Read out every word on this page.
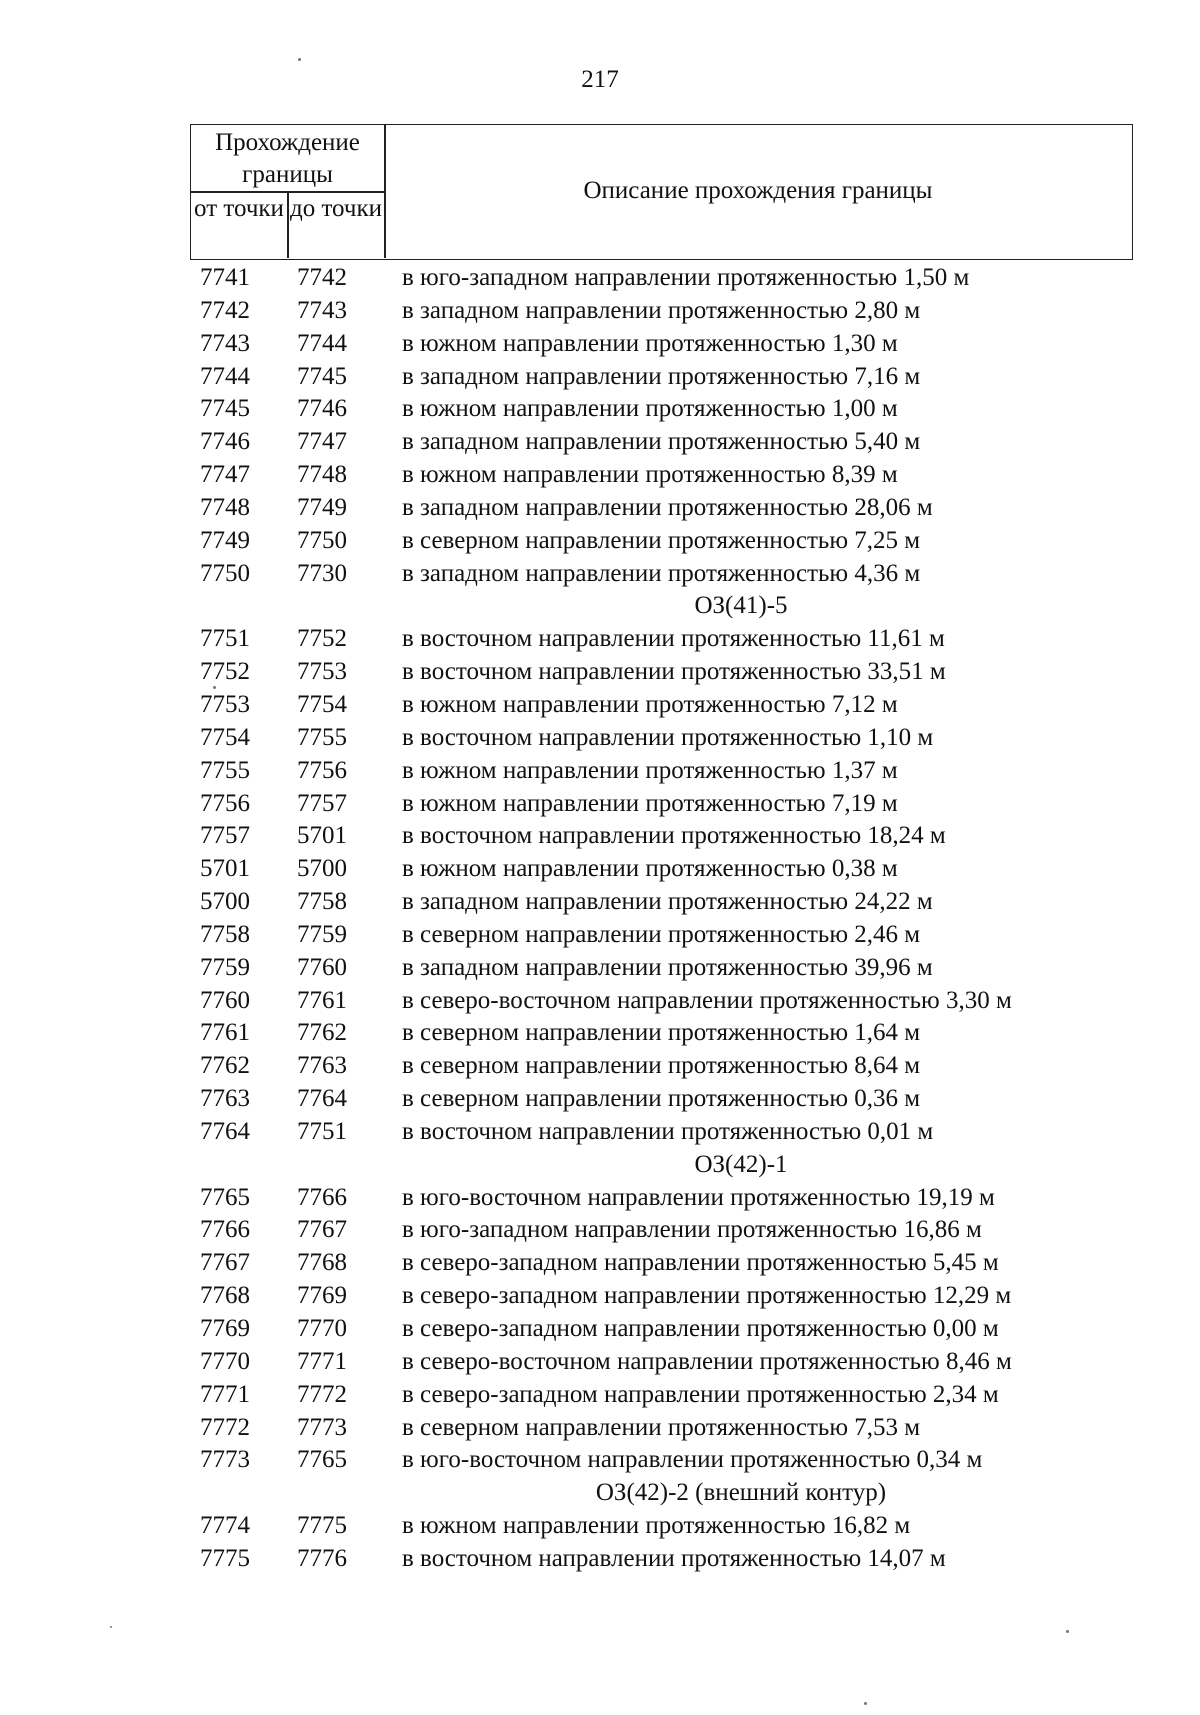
217
Прохождение границы
от точки до точки
Описание прохождения границы
7741	7742	в юго-западном направлении протяженностью 1,50 м
7742	7743	в западном направлении протяженностью 2,80 м
7743	7744	в южном направлении протяженностью 1,30 м
7744	7745	в западном направлении протяженностью 7,16 м
7745	7746	в южном направлении протяженностью 1,00 м
7746	7747	в западном направлении протяженностью 5,40 м
7747	7748	в южном направлении протяженностью 8,39 м
7748	7749	в западном направлении протяженностью 28,06 м
7749	7750	в северном направлении протяженностью 7,25 м
7750	7730	в западном направлении протяженностью 4,36 м
ОЗ(41)-5
7751	7752	в восточном направлении протяженностью 11,61 м
7752	7753	в восточном направлении протяженностью 33,51 м
7753	7754	в южном направлении протяженностью 7,12 м
7754	7755	в восточном направлении протяженностью 1,10 м
7755	7756	в южном направлении протяженностью 1,37 м
7756	7757	в южном направлении протяженностью 7,19 м
7757	5701	в восточном направлении протяженностью 18,24 м
5701	5700	в южном направлении протяженностью 0,38 м
5700	7758	в западном направлении протяженностью 24,22 м
7758	7759	в северном направлении протяженностью 2,46 м
7759	7760	в западном направлении протяженностью 39,96 м
7760	7761	в северо-восточном направлении протяженностью 3,30 м
7761	7762	в северном направлении протяженностью 1,64 м
7762	7763	в северном направлении протяженностью 8,64 м
7763	7764	в северном направлении протяженностью 0,36 м
7764	7751	в восточном направлении протяженностью 0,01 м
ОЗ(42)-1
7765	7766	в юго-восточном направлении протяженностью 19,19 м
7766	7767	в юго-западном направлении протяженностью 16,86 м
7767	7768	в северо-западном направлении протяженностью 5,45 м
7768	7769	в северо-западном направлении протяженностью 12,29 м
7769	7770	в северо-западном направлении протяженностью 0,00 м
7770	7771	в северо-восточном направлении протяженностью 8,46 м
7771	7772	в северо-западном направлении протяженностью 2,34 м
7772	7773	в северном направлении протяженностью 7,53 м
7773	7765	в юго-восточном направлении протяженностью 0,34 м
ОЗ(42)-2 (внешний контур)
7774	7775	в южном направлении протяженностью 16,82 м
7775	7776	в восточном направлении протяженностью 14,07 м
